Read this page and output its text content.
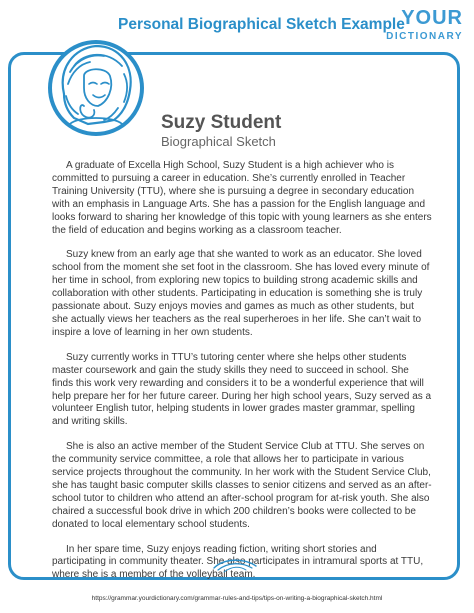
Personal Biographical Sketch Example
YOUR
DICTIONARY
Suzy Student
Biographical Sketch

A graduate of Excella High School, Suzy Student is a high achiever who is committed to pursuing a career in education. She’s currently enrolled in Teacher Training University (TTU), where she is pursuing a degree in secondary education with an emphasis in Language Arts. She has a passion for the English language and looks forward to sharing her knowledge of this topic with young learners as she enters the field of education and begins working as a classroom teacher.

Suzy knew from an early age that she wanted to work as an educator. She loved school from the moment she set foot in the classroom. She has loved every minute of her time in school, from exploring new topics to building strong academic skills and collaboration with other students. Participating in education is something she is truly passionate about. Suzy enjoys movies and games as much as other students, but she actually views her teachers as the real superheroes in her life. She can’t wait to inspire a love of learning in her own students.

Suzy currently works in TTU’s tutoring center where she helps other students master coursework and gain the study skills they need to succeed in school. She finds this work very rewarding and considers it to be a wonderful experience that will help prepare her for her future career. During her high school years, Suzy served as a volunteer English tutor, helping students in lower grades master grammar, spelling and writing skills.

She is also an active member of the Student Service Club at TTU. She serves on the community service committee, a role that allows her to participate in various service projects throughout the community. In her work with the Student Service Club, she has taught basic computer skills classes to senior citizens and served as an after-school tutor to children who attend an after-school program for at-risk youth. She also chaired a successful book drive in which 200 children’s books were collected to be donated to local elementary school students.

In her spare time, Suzy enjoys reading fiction, writing short stories and participating in community theater. She also participates in intramural sports at TTU, where she is a member of the volleyball team.

https://grammar.yourdictionary.com/grammar-rules-and-tips/tips-on-writing-a-biographical-sketch.html
